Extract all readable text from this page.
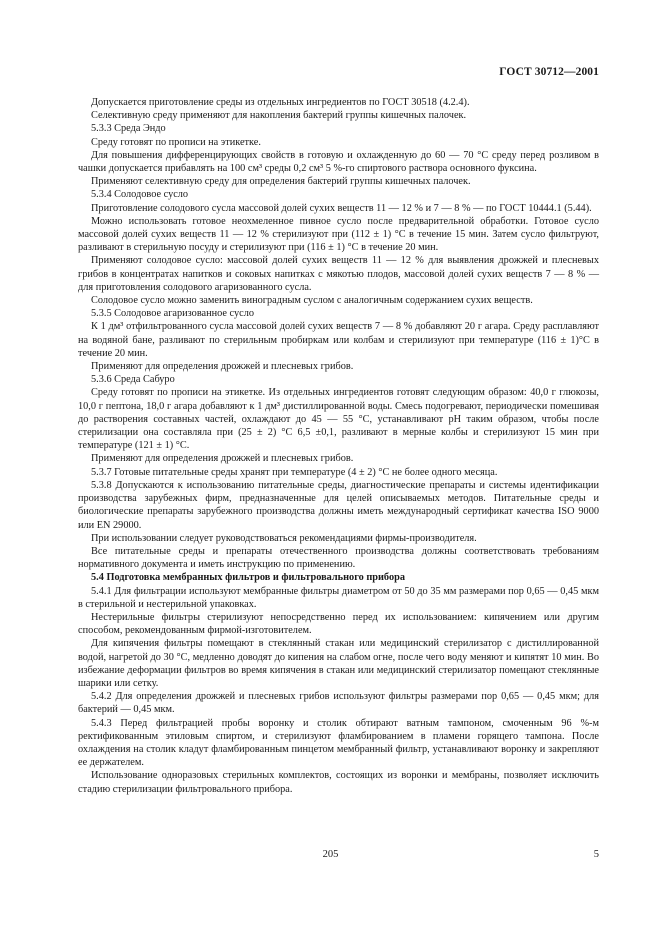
ГОСТ 30712—2001

Допускается приготовление среды из отдельных ингредиентов по ГОСТ 30518 (4.2.4).

Селективную среду применяют для накопления бактерий группы кишечных палочек.

5.3.3 Среда Эндо

Среду готовят по прописи на этикетке.

Для повышения дифференцирующих свойств в готовую и охлажденную до 60 — 70 °С среду перед розливом в чашки допускается прибавлять на 100 см³ среды 0,2 см³ 5 %-го спиртового раствора основного фуксина.

Применяют селективную среду для определения бактерий группы кишечных палочек.

5.3.4 Солодовое сусло

Приготовление солодового сусла массовой долей сухих веществ 11 — 12 % и 7 — 8 % — по ГОСТ 10444.1 (5.44).

Можно использовать готовое неохмеленное пивное сусло после предварительной обработки. Готовое сусло массовой долей сухих веществ 11 — 12 % стерилизуют при (112 ± 1) °С в течение 15 мин. Затем сусло фильтруют, разливают в стерильную посуду и стерилизуют при (116 ± 1) °С в течение 20 мин.

Применяют солодовое сусло: массовой долей сухих веществ 11 — 12 % для выявления дрожжей и плесневых грибов в концентратах напитков и соковых напитках с мякотью плодов, массовой долей сухих веществ 7 — 8 % — для приготовления солодового агаризованного сусла.

Солодовое сусло можно заменить виноградным суслом с аналогичным содержанием сухих веществ.

5.3.5 Солодовое агаризованное сусло

К 1 дм³ отфильтрованного сусла массовой долей сухих веществ 7 — 8 % добавляют 20 г агара. Среду расплавляют на водяной бане, разливают по стерильным пробиркам или колбам и стерилизуют при температуре (116 ± 1)°С в течение 20 мин.

Применяют для определения дрожжей и плесневых грибов.

5.3.6 Среда Сабуро

Среду готовят по прописи на этикетке. Из отдельных ингредиентов готовят следующим образом: 40,0 г глюкозы, 10,0 г пептона, 18,0 г агара добавляют к 1 дм³ дистиллированной воды. Смесь подогревают, периодически помешивая до растворения составных частей, охлаждают до 45 — 55 °С, устанавливают рН таким образом, чтобы после стерилизации она составляла при (25 ± 2) °С 6,5 ±0,1, разливают в мерные колбы и стерилизуют 15 мин при температуре (121 ± 1) °С.

Применяют для определения дрожжей и плесневых грибов.

5.3.7 Готовые питательные среды хранят при температуре (4 ± 2) °С не более одного месяца.

5.3.8 Допускаются к использованию питательные среды, диагностические препараты и системы идентификации производства зарубежных фирм, предназначенные для целей описываемых методов. Питательные среды и биологические препараты зарубежного производства должны иметь международный сертификат качества ISO 9000 или EN 29000.

При использовании следует руководствоваться рекомендациями фирмы-производителя.

Все питательные среды и препараты отечественного производства должны соответствовать требованиям нормативного документа и иметь инструкцию по применению.

5.4 Подготовка мембранных фильтров и фильтровального прибора

5.4.1 Для фильтрации используют мембранные фильтры диаметром от 50 до 35 мм размерами пор 0,65 — 0,45 мкм в стерильной и нестерильной упаковках.

Нестерильные фильтры стерилизуют непосредственно перед их использованием: кипячением или другим способом, рекомендованным фирмой-изготовителем.

Для кипячения фильтры помещают в стеклянный стакан или медицинский стерилизатор с дистиллированной водой, нагретой до 30 °С, медленно доводят до кипения на слабом огне, после чего воду меняют и кипятят 10 мин. Во избежание деформации фильтров во время кипячения в стакан или медицинский стерилизатор помещают стеклянные шарики или сетку.

5.4.2 Для определения дрожжей и плесневых грибов используют фильтры размерами пор 0,65 — 0,45 мкм; для бактерий — 0,45 мкм.

5.4.3 Перед фильтрацией пробы воронку и столик обтирают ватным тампоном, смоченным 96 %-м ректификованным этиловым спиртом, и стерилизуют фламбированием в пламени горящего тампона. После охлаждения на столик кладут фламбированным пинцетом мембранный фильтр, устанавливают воронку и закрепляют ее держателем.

Использование одноразовых стерильных комплектов, состоящих из воронки и мембраны, позволяет исключить стадию стерилизации фильтровального прибора.

205	5
